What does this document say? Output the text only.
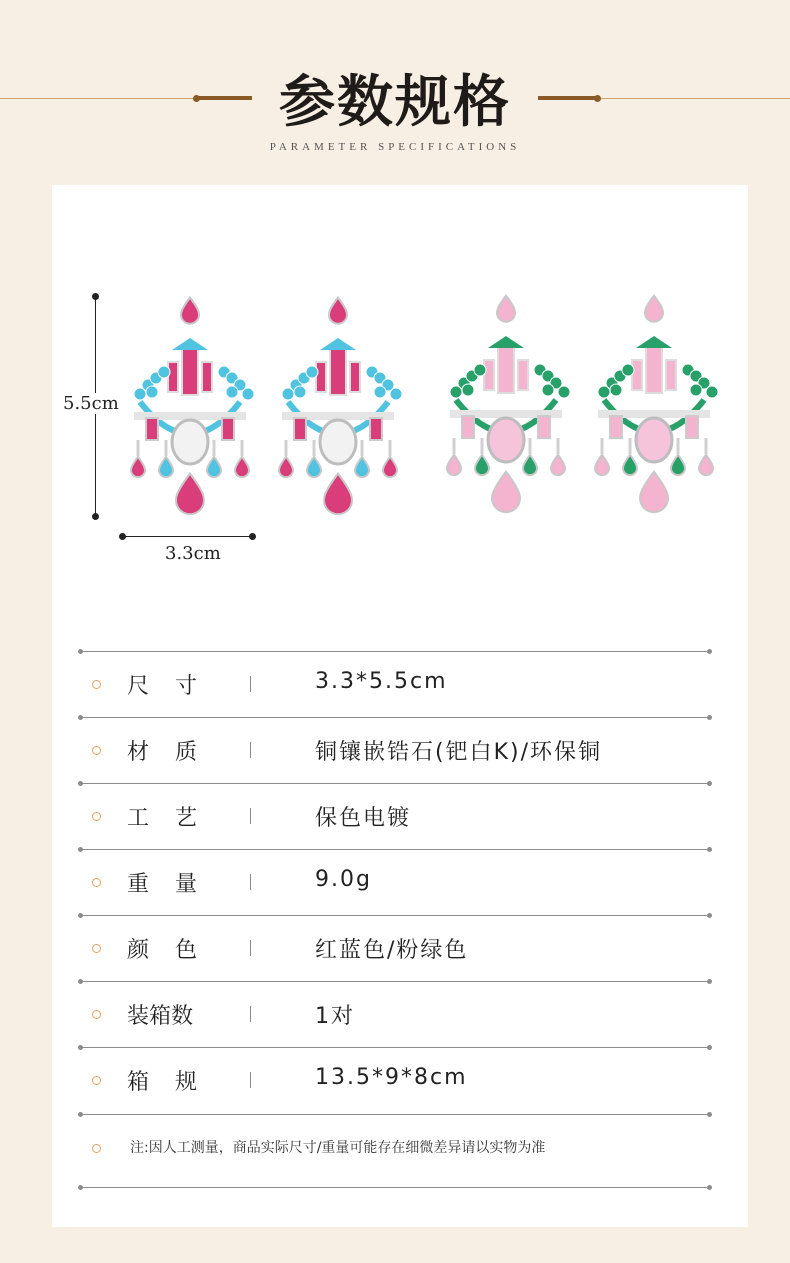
参数规格
PARAMETER SPECIFICATIONS
5.5cm
3.3cm
尺寸	3.3*5.5cm
材质	铜镶嵌锆石(钯白K)/环保铜
工艺	保色电镀
重量	9.0g
颜色	红蓝色/粉绿色
装箱数	1对
箱规	13.5*9*8cm
注:因人工测量，商品实际尺寸/重量可能存在细微差异请以实物为准
